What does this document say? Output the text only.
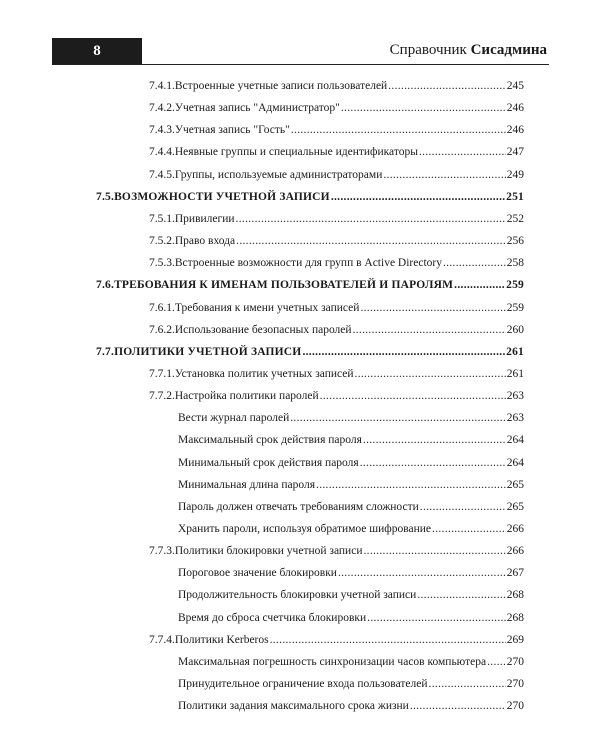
8	Справочник Сисадмина
7.4.1. Встроенные учетные записи пользователей .....	245
7.4.2. Учетная запись "Администратор" .....	246
7.4.3. Учетная запись "Гость" .....	246
7.4.4. Неявные группы и специальные идентификаторы .....	247
7.4.5. Группы, используемые администраторами .....	249
7.5. ВОЗМОЖНОСТИ УЧЕТНОЙ ЗАПИСИ .....	251
7.5.1. Привилегии .....	252
7.5.2. Право входа .....	256
7.5.3. Встроенные возможности для групп в Active Directory .....	258
7.6. ТРЕБОВАНИЯ К ИМЕНАМ ПОЛЬЗОВАТЕЛЕЙ И ПАРОЛЯМ .....	259
7.6.1. Требования к имени учетных записей .....	259
7.6.2. Использование безопасных паролей .....	260
7.7. ПОЛИТИКИ УЧЕТНОЙ ЗАПИСИ .....	261
7.7.1. Установка политик учетных записей .....	261
7.7.2. Настройка политики паролей .....	263
Вести журнал паролей .....	263
Максимальный срок действия пароля .....	264
Минимальный срок действия пароля .....	264
Минимальная длина пароля .....	265
Пароль должен отвечать требованиям сложности .....	265
Хранить пароли, используя обратимое шифрование .....	266
7.7.3. Политики блокировки учетной записи .....	266
Пороговое значение блокировки .....	267
Продолжительность блокировки учетной записи .....	268
Время до сброса счетчика блокировки .....	268
7.7.4. Политики Kerberos .....	269
Максимальная погрешность синхронизации часов компьютера ..... 270
Принудительное ограничение входа пользователей .....	270
Политики задания максимального срока жизни .....	270
